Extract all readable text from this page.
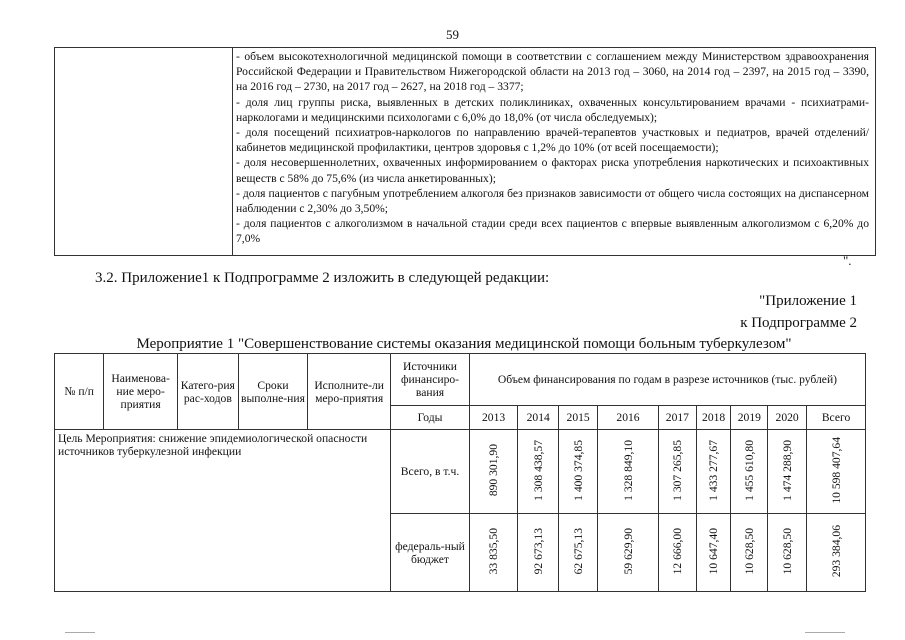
59

- объем высокотехнологичной медицинской помощи в соответствии с соглашением между Министерством здравоохранения Российской Федерации и Правительством Нижегородской области на 2013 год – 3060, на 2014 год – 2397, на 2015 год – 3390, на 2016 год – 2730, на 2017 год – 2627, на 2018 год – 3377;

- доля лиц группы риска, выявленных в детских поликлиниках, охваченных консультированием врачами - психиатрами-наркологами и медицинскими психологами с 6,0% до 18,0% (от числа обследуемых);

- доля посещений психиатров-наркологов по направлению врачей-терапевтов участковых и педиатров, врачей отделений/кабинетов медицинской профилактики, центров здоровья с 1,2% до 10% (от всей посещаемости);

- доля несовершеннолетних, охваченных информированием о факторах риска употребления наркотических и психоактивных веществ с 58% до 75,6% (из числа анкетированных);

- доля пациентов с пагубным употреблением алкоголя без признаков зависимости от общего числа состоящих на диспансерном наблюдении с 2,30% до 3,50%;

- доля пациентов с алкоголизмом в начальной стадии среди всех пациентов с впервые выявленным алкоголизмом с 6,20% до 7,0%

".
3.2. Приложение1 к Подпрограмме 2 изложить в следующей редакции:
"Приложение 1
к Подпрограмме 2
Мероприятие 1 "Совершенствование системы оказания медицинской помощи больным туберкулезом"
№ п/п	Наименова-ние меро-приятия	Катего-рия рас-ходов	Сроки выполне-ния	Исполните-ли меро-приятия	Источники финансиро-вания	Объем финансирования по годам в разрезе источников (тыс. рублей)								
					Годы	2013	2014	2015	2016	2017	2018	2019	2020	Всего
Цель Мероприятия: снижение эпидемиологической опасности источников туберкулезной инфекции					Всего, в т.ч.	890 301,90	1 308 438,57	1 400 374,85	1 328 849,10	1 307 265,85	1 433 277,67	1 455 610,80	1 474 288,90	10 598 407,64
					федераль-ный бюджет	33 835,50	92 673,13	62 675,13	59 629,90	12 666,00	10 647,40	10 628,50	10 628,50	293 384,06
